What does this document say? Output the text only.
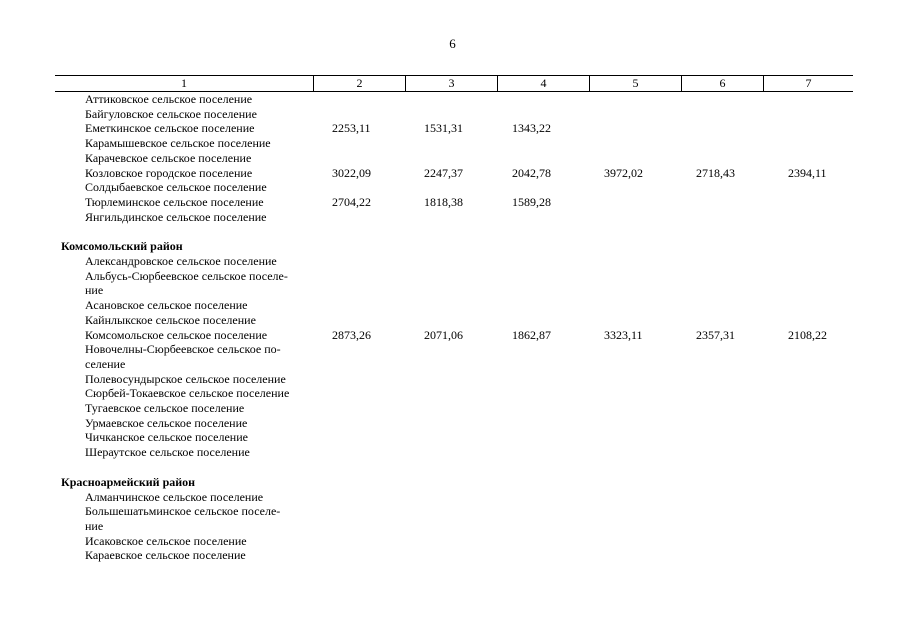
6
1	2	3	4	5	6	7
Аттиковское сельское поселение
Байгуловское сельское поселение
Еметкинское сельское поселение	2253,11	1531,31	1343,22
Карамышевское сельское поселение
Карачевское сельское поселение
Козловское городское поселение	3022,09	2247,37	2042,78	3972,02	2718,43	2394,11
Солдыбаевское сельское поселение
Тюрлеминское сельское поселение	2704,22	1818,38	1589,28
Янгильдинское сельское поселение
Комсомольский район
Александровское сельское поселение
Альбусь-Сюрбеевское сельское поселе-
ние
Асановское сельское поселение
Кайнлыкское сельское поселение
Комсомольское сельское поселение	2873,26	2071,06	1862,87	3323,11	2357,31	2108,22
Новочелны-Сюрбеевское сельское по-
селение
Полевосундырское сельское поселение
Сюрбей-Токаевское сельское поселение
Тугаевское сельское поселение
Урмаевское сельское поселение
Чичканское сельское поселение
Шераутское сельское поселение
Красноармейский район
Алманчинское сельское поселение
Большешатьминское сельское поселе-
ние
Исаковское сельское поселение
Караевское сельское поселение
